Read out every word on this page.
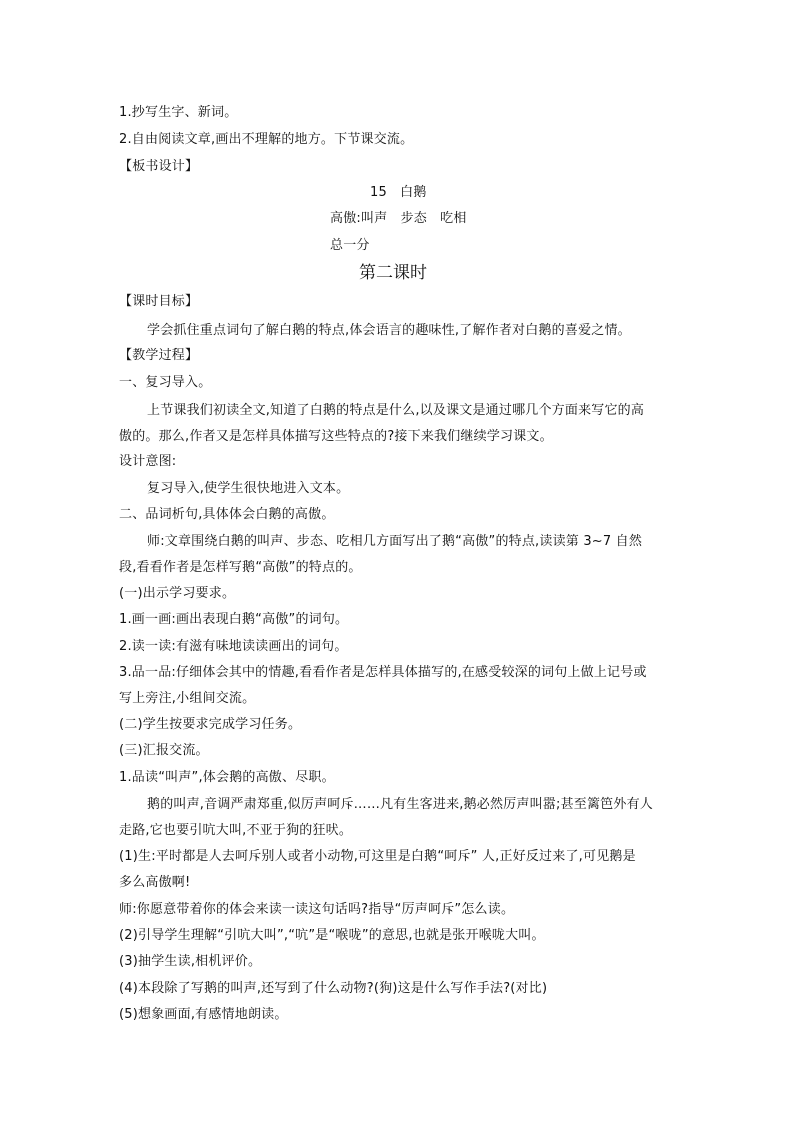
1.抄写生字、新词。
2.自由阅读文章,画出不理解的地方。下节课交流。
【板书设计】
15　白鹅
高傲:叫声　步态　吃相
总一分
第二课时
【课时目标】
学会抓住重点词句了解白鹅的特点,体会语言的趣味性,了解作者对白鹅的喜爱之情。
【教学过程】
一、复习导入。
上节课我们初读全文,知道了白鹅的特点是什么,以及课文是通过哪几个方面来写它的高
傲的。那么,作者又是怎样具体描写这些特点的?接下来我们继续学习课文。
设计意图:
复习导入,使学生很快地进入文本。
二、品词析句,具体体会白鹅的高傲。
师:文章围绕白鹅的叫声、步态、吃相几方面写出了鹅“高傲”的特点,读读第 3~7 自然
段,看看作者是怎样写鹅“高傲”的特点的。
(一)出示学习要求。
1.画一画:画出表现白鹅“高傲”的词句。
2.读一读:有滋有味地读读画出的词句。
3.品一品:仔细体会其中的情趣,看看作者是怎样具体描写的,在感受较深的词句上做上记号或
写上旁注,小组间交流。
(二)学生按要求完成学习任务。
(三)汇报交流。
1.品读“叫声”,体会鹅的高傲、尽职。
鹅的叫声,音调严肃郑重,似厉声呵斥……凡有生客进来,鹅必然厉声叫嚣;甚至篱笆外有人
走路,它也要引吭大叫,不亚于狗的狂吠。
(1)生:平时都是人去呵斥别人或者小动物,可这里是白鹅“呵斥” 人,正好反过来了,可见鹅是
多么高傲啊!
师:你愿意带着你的体会来读一读这句话吗?指导“厉声呵斥”怎么读。
(2)引导学生理解“引吭大叫”,“吭”是“喉咙”的意思,也就是张开喉咙大叫。
(3)抽学生读,相机评价。
(4)本段除了写鹅的叫声,还写到了什么动物?(狗)这是什么写作手法?(对比)
(5)想象画面,有感情地朗读。
